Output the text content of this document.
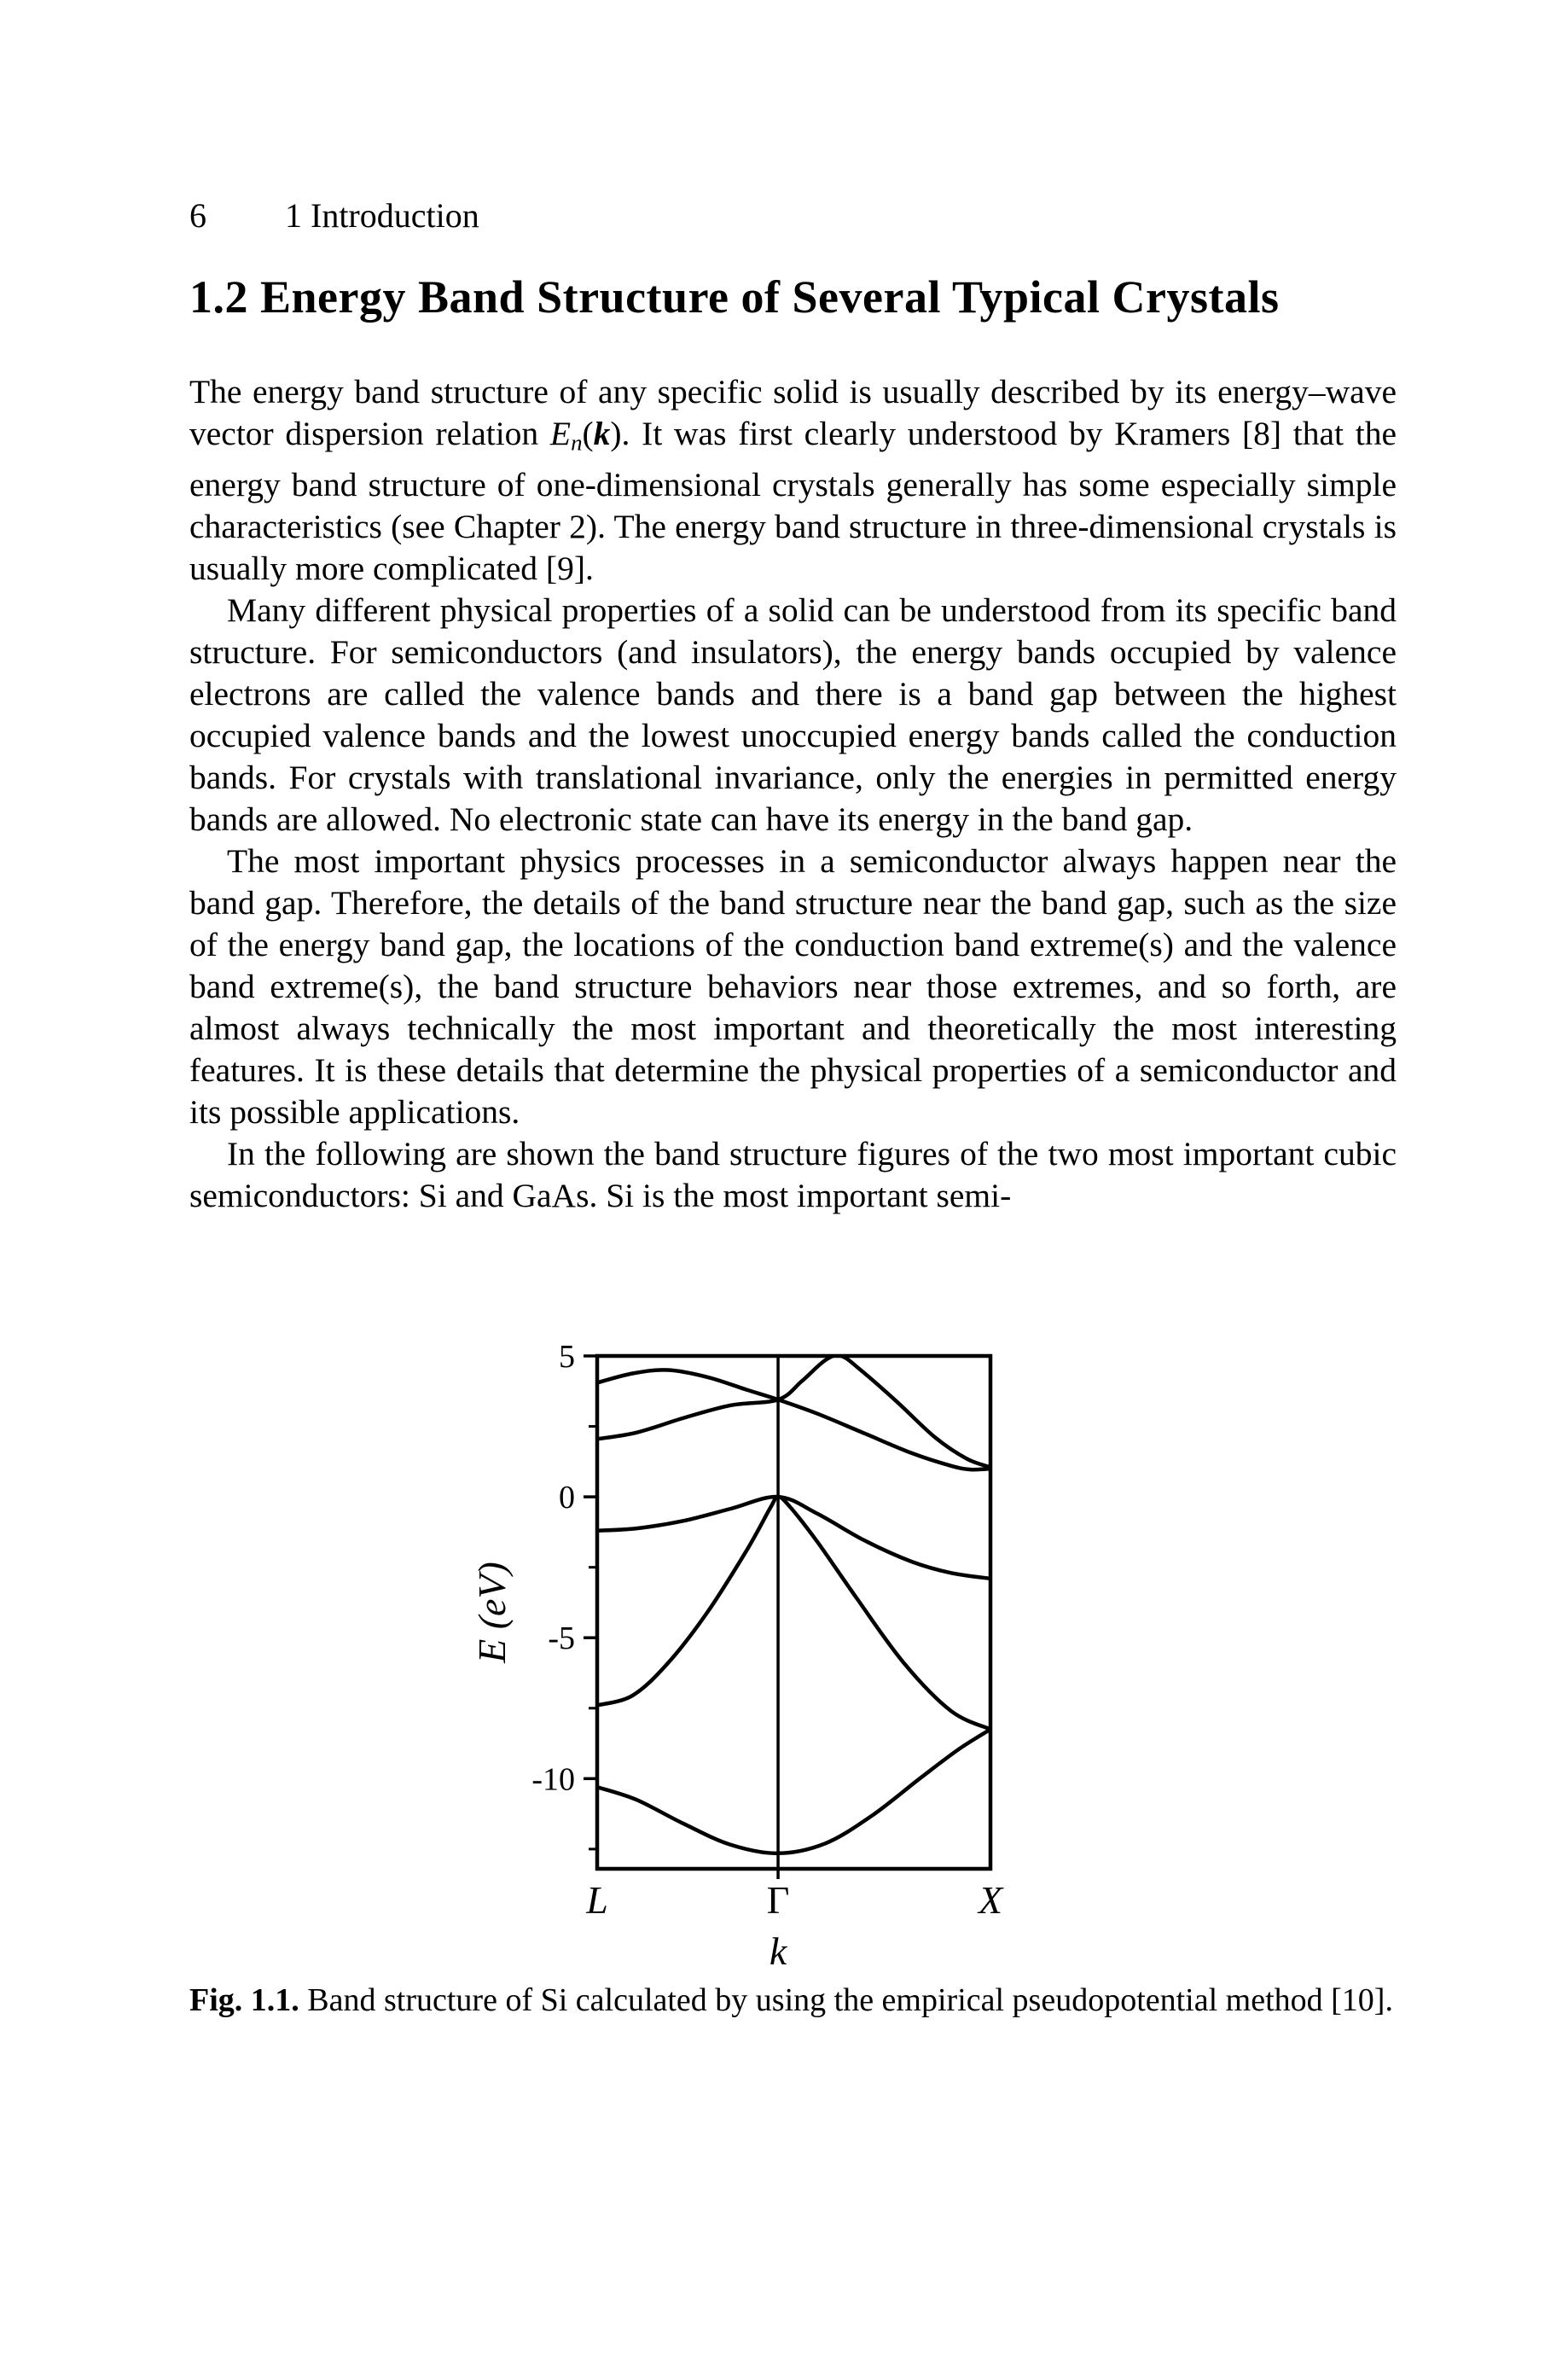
6 1 Introduction
1.2 Energy Band Structure of Several Typical Crystals

The energy band structure of any specific solid is usually described by its energy–wave vector dispersion relation En(k). It was first clearly understood by Kramers [8] that the energy band structure of one-dimensional crystals generally has some especially simple characteristics (see Chapter 2). The energy band structure in three-dimensional crystals is usually more complicated [9].

Many different physical properties of a solid can be understood from its specific band structure. For semiconductors (and insulators), the energy bands occupied by valence electrons are called the valence bands and there is a band gap between the highest occupied valence bands and the lowest unoccupied energy bands called the conduction bands. For crystals with translational invariance, only the energies in permitted energy bands are allowed. No electronic state can have its energy in the band gap.

The most important physics processes in a semiconductor always happen near the band gap. Therefore, the details of the band structure near the band gap, such as the size of the energy band gap, the locations of the conduction band extreme(s) and the valence band extreme(s), the band structure behaviors near those extremes, and so forth, are almost always technically the most important and theoretically the most interesting features. It is these details that determine the physical properties of a semiconductor and its possible applications.

In the following are shown the band structure figures of the two most important cubic semiconductors: Si and GaAs. Si is the most important semi-

5
0
-5
-10
L	Γ	X
E (eV)
k
Fig. 1.1. Band structure of Si calculated by using the empirical pseudopotential method [10].
